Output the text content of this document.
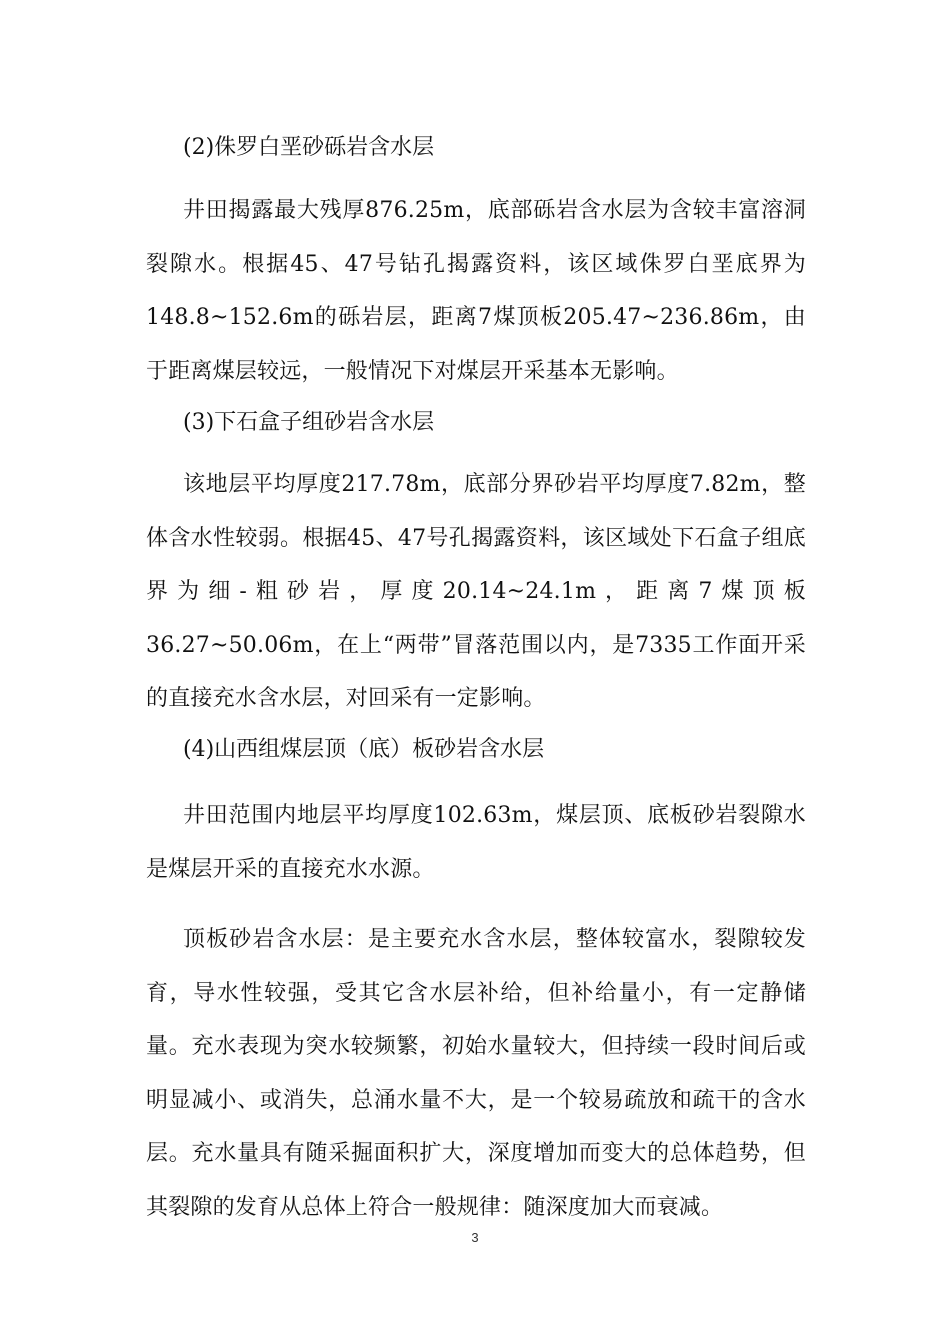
(2)侏罗白垩砂砾岩含水层
井田揭露最大残厚876.25m，底部砾岩含水层为含较丰富溶洞裂隙水。根据45、47号钻孔揭露资料，该区域侏罗白垩底界为148.8~152.6m的砾岩层，距离7煤顶板205.47~236.86m，由于距离煤层较远，一般情况下对煤层开采基本无影响。
(3)下石盒子组砂岩含水层
该地层平均厚度217.78m，底部分界砂岩平均厚度7.82m，整体含水性较弱。根据45、47号孔揭露资料，该区域处下石盒子组底界为细-粗砂岩，厚度20.14~24.1m，距离7煤顶板36.27~50.06m，在上“两带”冒落范围以内，是7335工作面开采的直接充水含水层，对回采有一定影响。
(4)山西组煤层顶（底）板砂岩含水层
井田范围内地层平均厚度102.63m，煤层顶、底板砂岩裂隙水是煤层开采的直接充水水源。
顶板砂岩含水层：是主要充水含水层，整体较富水，裂隙较发育，导水性较强，受其它含水层补给，但补给量小，有一定静储量。充水表现为突水较频繁，初始水量较大，但持续一段时间后或明显减小、或消失，总涌水量不大，是一个较易疏放和疏干的含水层。充水量具有随采掘面积扩大，深度增加而变大的总体趋势，但其裂隙的发育从总体上符合一般规律：随深度加大而衰减。
3
